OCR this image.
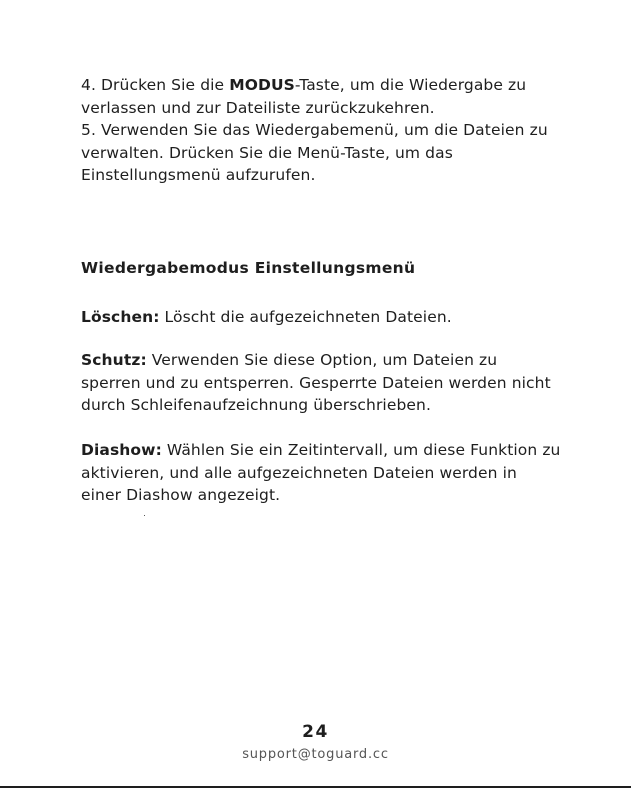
4. Drücken Sie die MODUS-Taste, um die Wiedergabe zu verlassen und zur Dateiliste zurückzukehren.

5. Verwenden Sie das Wiedergabemenü, um die Dateien zu verwalten. Drücken Sie die Menü-Taste, um das Einstellungsmenü aufzurufen.

Wiedergabemodus Einstellungsmenü

Löschen: Löscht die aufgezeichneten Dateien.

Schutz: Verwenden Sie diese Option, um Dateien zu sperren und zu entsperren. Gesperrte Dateien werden nicht durch Schleifenaufzeichnung überschrieben.

Diashow: Wählen Sie ein Zeitintervall, um diese Funktion zu aktivieren, und alle aufgezeichneten Dateien werden in einer Diashow angezeigt.

24
support@toguard.cc
